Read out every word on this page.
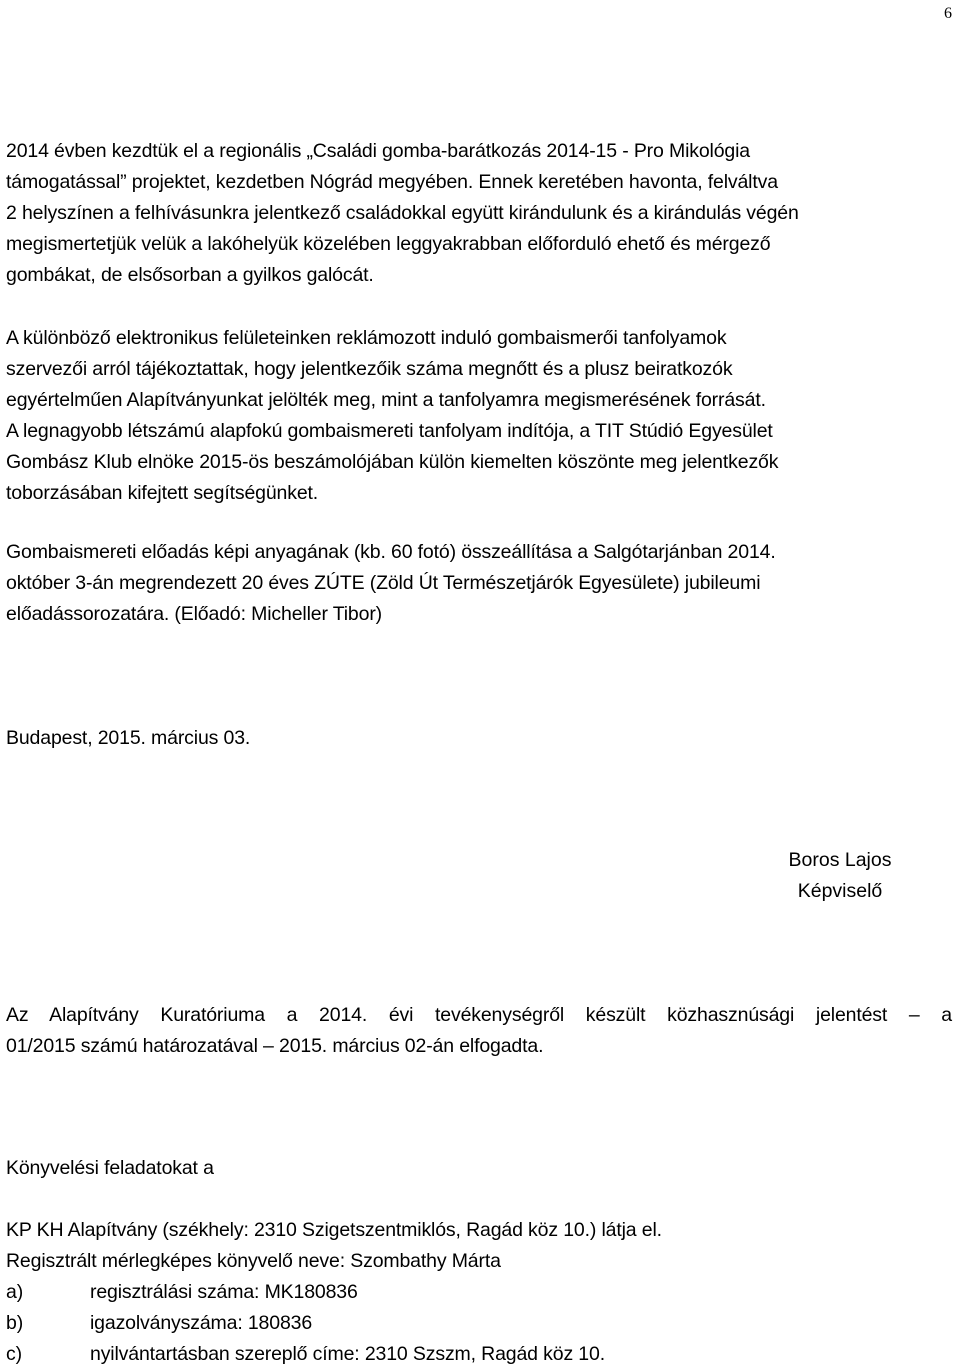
6
2014 évben kezdtük el a regionális „Családi gomba-barátkozás 2014-15 - Pro Mikológia
támogatással” projektet, kezdetben Nógrád megyében. Ennek keretében havonta, felváltva
2 helyszínen a felhívásunkra jelentkező családokkal együtt kirándulunk és a kirándulás végén
megismertetjük velük a lakóhelyük közelében leggyakrabban előforduló ehető és mérgező
gombákat, de elsősorban a gyilkos galócát.
A különböző elektronikus felületeinken reklámozott induló gombaismerői tanfolyamok
szervezői arról tájékoztattak, hogy jelentkezőik száma megnőtt és a plusz beiratkozók
egyértelműen Alapítványunkat jelölték meg, mint a tanfolyamra megismerésének forrását.
A legnagyobb létszámú alapfokú gombaismereti tanfolyam indítója, a TIT Stúdió Egyesület
Gombász Klub elnöke 2015-ös beszámolójában külön kiemelten köszönte meg jelentkezők
toborzásában kifejtett segítségünket.
Gombaismereti előadás képi anyagának (kb. 60 fotó) összeállítása a Salgótarjánban 2014.
október 3-án megrendezett 20 éves ZÚTE (Zöld Út Természetjárók Egyesülete) jubileumi
előadássorozatára. (Előadó: Micheller Tibor)
Budapest, 2015. március 03.
Boros Lajos
Képviselő
Az Alapítvány Kuratóriuma a 2014. évi tevékenységről készült közhasznúsági jelentést – a
01/2015 számú határozatával – 2015. március 02-án elfogadta.
Könyvelési feladatokat a
KP KH Alapítvány (székhely: 2310 Szigetszentmiklós, Ragád köz 10.) látja el.
Regisztrált mérlegképes könyvelő neve: Szombathy Márta
a)	regisztrálási száma: MK180836
b)	igazolványszáma: 180836
c)	nyilvántartásban szereplő címe: 2310 Szszm, Ragád köz 10.
